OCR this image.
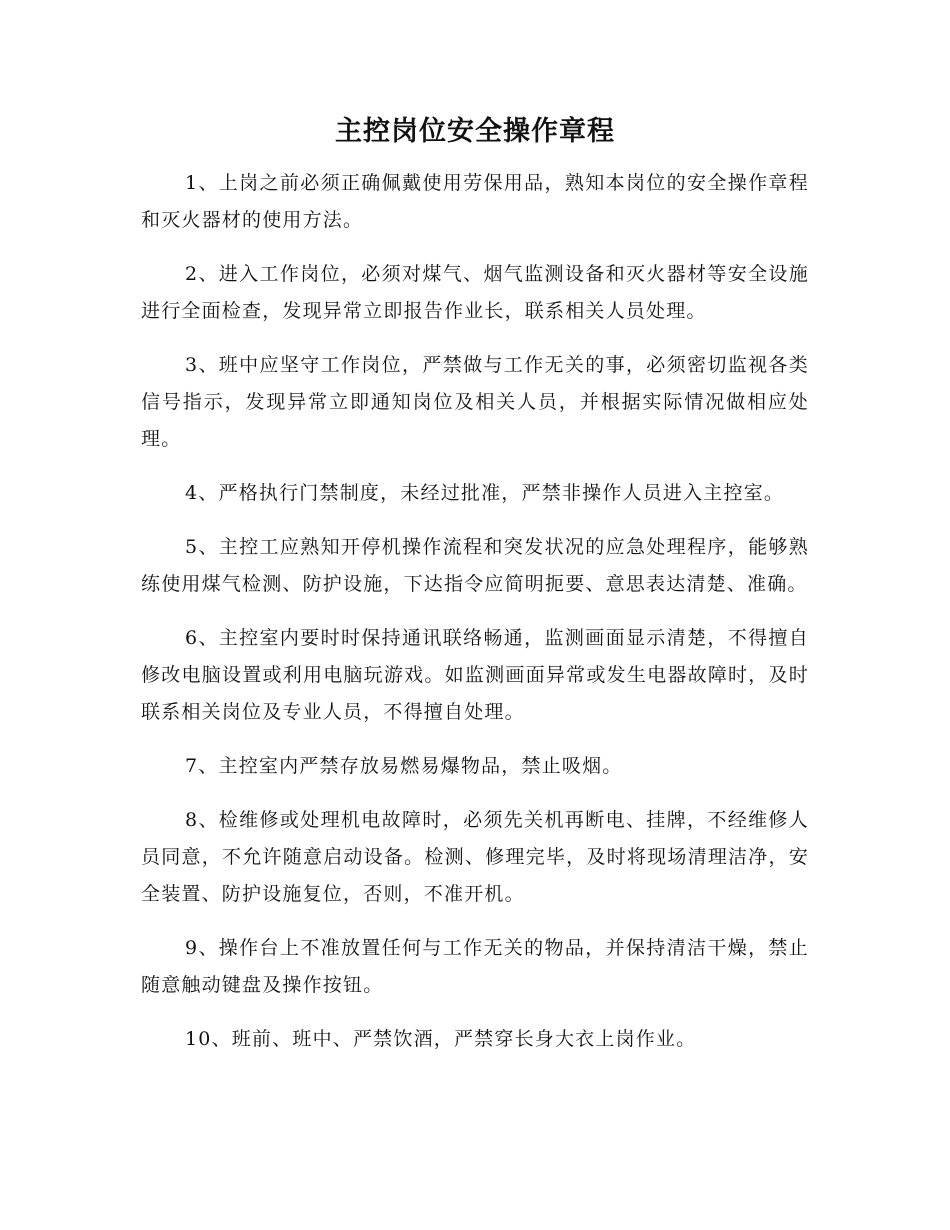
主控岗位安全操作章程

1、上岗之前必须正确佩戴使用劳保用品，熟知本岗位的安全操作章程和灭火器材的使用方法。

2、进入工作岗位，必须对煤气、烟气监测设备和灭火器材等安全设施进行全面检查，发现异常立即报告作业长，联系相关人员处理。

3、班中应坚守工作岗位，严禁做与工作无关的事，必须密切监视各类信号指示，发现异常立即通知岗位及相关人员，并根据实际情况做相应处理。

4、严格执行门禁制度，未经过批准，严禁非操作人员进入主控室。

5、主控工应熟知开停机操作流程和突发状况的应急处理程序，能够熟练使用煤气检测、防护设施，下达指令应简明扼要、意思表达清楚、准确。

6、主控室内要时时保持通讯联络畅通，监测画面显示清楚，不得擅自修改电脑设置或利用电脑玩游戏。如监测画面异常或发生电器故障时，及时联系相关岗位及专业人员，不得擅自处理。

7、主控室内严禁存放易燃易爆物品，禁止吸烟。

8、检维修或处理机电故障时，必须先关机再断电、挂牌，不经维修人员同意，不允许随意启动设备。检测、修理完毕，及时将现场清理洁净，安全装置、防护设施复位，否则，不准开机。

9、操作台上不准放置任何与工作无关的物品，并保持清洁干燥，禁止随意触动键盘及操作按钮。

10、班前、班中、严禁饮酒，严禁穿长身大衣上岗作业。
